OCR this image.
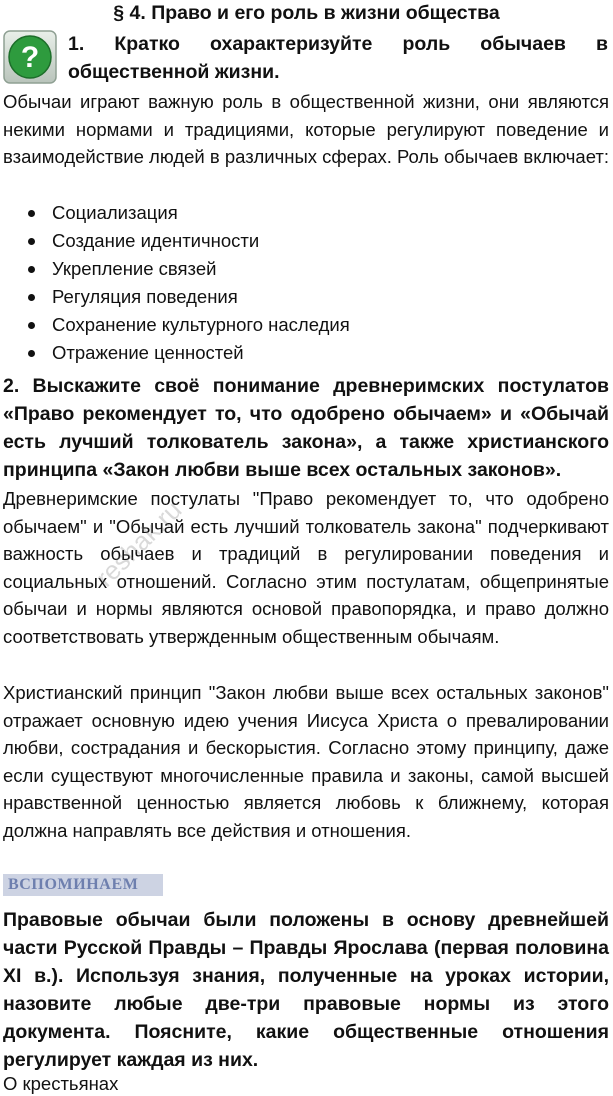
§ 4. Право и его роль в жизни общества
? 1. Кратко охарактеризуйте роль обычаев в
общественной жизни.
Обычаи играют важную роль в общественной жизни, они являются некими нормами и традициями, которые регулируют поведение и взаимодействие людей в различных сферах. Роль обычаев включает:
Социализация
Создание идентичности
Укрепление связей
Регуляция поведения
Сохранение культурного наследия
Отражение ценностей
2. Выскажите своё понимание древнеримских постулатов «Право рекомендует то, что одобрено обычаем» и «Обычай есть лучший толкователь закона», а также христианского принципа «Закон любви выше всех остальных законов».
Древнеримские постулаты "Право рекомендует то, что одобрено обычаем" и "Обычай есть лучший толкователь закона" подчеркивают важность обычаев и традиций в регулировании поведения и социальных отношений. Согласно этим постулатам, общепринятые обычаи и нормы являются основой правопорядка, и право должно соответствовать утвержденным общественным обычаям.
Христианский принцип "Закон любви выше всех остальных законов" отражает основную идею учения Иисуса Христа о превалировании любви, сострадания и бескорыстия. Согласно этому принципу, даже если существуют многочисленные правила и законы, самой высшей нравственной ценностью является любовь к ближнему, которая должна направлять все действия и отношения.
ВСПОМИНАЕМ
Правовые обычаи были положены в основу древнейшей части Русской Правды – Правды Ярослава (первая половина XI в.). Используя знания, полученные на уроках истории, назовите любые две-три правовые нормы из этого документа. Поясните, какие общественные отношения регулирует каждая из них.
О крестьянах
reshak.ru
